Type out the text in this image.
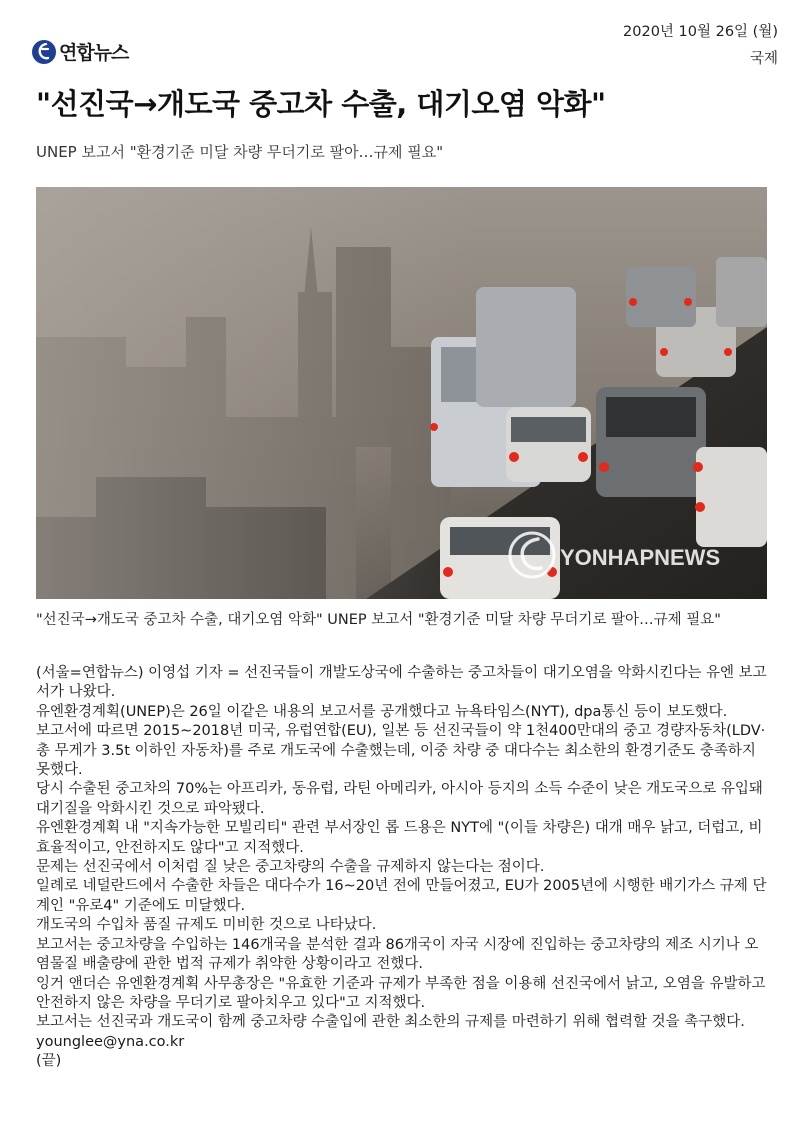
연합뉴스
2020년 10월 26일 (월)
국제
"선진국→개도국 중고차 수출, 대기오염 악화"
UNEP 보고서 "환경기준 미달 차량 무더기로 팔아…규제 필요"
YONHAPNEWS
"선진국→개도국 중고차 수출, 대기오염 악화" UNEP 보고서 "환경기준 미달 차량 무더기로 팔아…규제 필요"

(서울=연합뉴스) 이영섭 기자 = 선진국들이 개발도상국에 수출하는 중고차들이 대기오염을 악화시킨다는 유엔 보고서가 나왔다.

유엔환경계획(UNEP)은 26일 이같은 내용의 보고서를 공개했다고 뉴욕타임스(NYT), dpa통신 등이 보도했다.

보고서에 따르면 2015∼2018년 미국, 유럽연합(EU), 일본 등 선진국들이 약 1천400만대의 중고 경량자동차(LDV·총 무게가 3.5t 이하인 자동차)를 주로 개도국에 수출했는데, 이중 차량 중 대다수는 최소한의 환경기준도 충족하지 못했다.

당시 수출된 중고차의 70%는 아프리카, 동유럽, 라틴 아메리카, 아시아 등지의 소득 수준이 낮은 개도국으로 유입돼 대기질을 악화시킨 것으로 파악됐다.

유엔환경계획 내 "지속가능한 모빌리티" 관련 부서장인 롭 드용은 NYT에 "(이들 차량은) 대개 매우 낡고, 더럽고, 비효율적이고, 안전하지도 않다"고 지적했다.

문제는 선진국에서 이처럼 질 낮은 중고차량의 수출을 규제하지 않는다는 점이다.

일례로 네덜란드에서 수출한 차들은 대다수가 16∼20년 전에 만들어졌고, EU가 2005년에 시행한 배기가스 규제 단계인 "유로4" 기준에도 미달했다.

개도국의 수입차 품질 규제도 미비한 것으로 나타났다.

보고서는 중고차량을 수입하는 146개국을 분석한 결과 86개국이 자국 시장에 진입하는 중고차량의 제조 시기나 오염물질 배출량에 관한 법적 규제가 취약한 상황이라고 전했다.

잉거 앤더슨 유엔환경계획 사무총장은 "유효한 기준과 규제가 부족한 점을 이용해 선진국에서 낡고, 오염을 유발하고 안전하지 않은 차량을 무더기로 팔아치우고 있다"고 지적했다.

보고서는 선진국과 개도국이 함께 중고차량 수출입에 관한 최소한의 규제를 마련하기 위해 협력할 것을 촉구했다.

younglee@yna.co.kr

(끝)
